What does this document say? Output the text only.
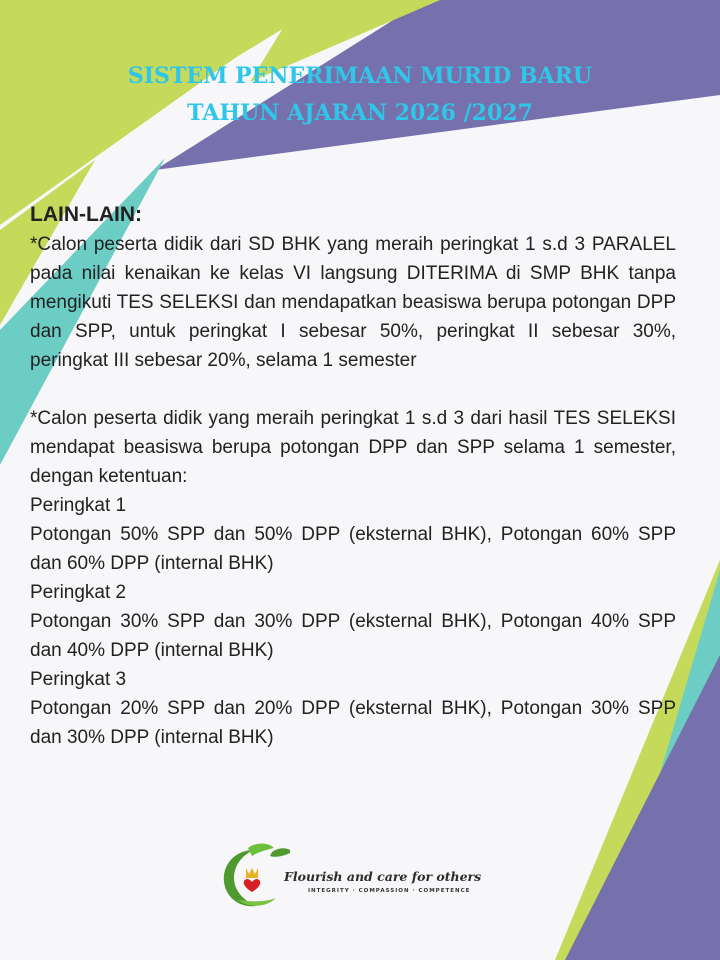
SISTEM PENERIMAAN MURID BARU
TAHUN AJARAN 2026 /2027
LAIN-LAIN:

*Calon peserta didik dari SD BHK yang meraih peringkat 1 s.d 3 PARALEL pada nilai kenaikan ke kelas VI langsung DITERIMA di SMP BHK tanpa mengikuti TES SELEKSI dan mendapatkan beasiswa berupa potongan DPP dan SPP, untuk peringkat I sebesar 50%, peringkat II sebesar 30%, peringkat III sebesar 20%, selama 1 semester

*Calon peserta didik yang meraih peringkat 1 s.d 3 dari hasil TES SELEKSI mendapat beasiswa berupa potongan DPP dan SPP selama 1 semester, dengan ketentuan:

Peringkat 1

Potongan 50% SPP dan 50% DPP (eksternal BHK), Potongan 60% SPP dan 60% DPP (internal BHK)

Peringkat 2

Potongan 30% SPP dan 30% DPP (eksternal BHK), Potongan 40% SPP dan 40% DPP (internal BHK)

Peringkat 3

Potongan 20% SPP dan 20% DPP (eksternal BHK), Potongan 30% SPP dan 30% DPP (internal BHK)

Flourish and care for others
INTEGRITY · COMPASSION · COMPETENCE
